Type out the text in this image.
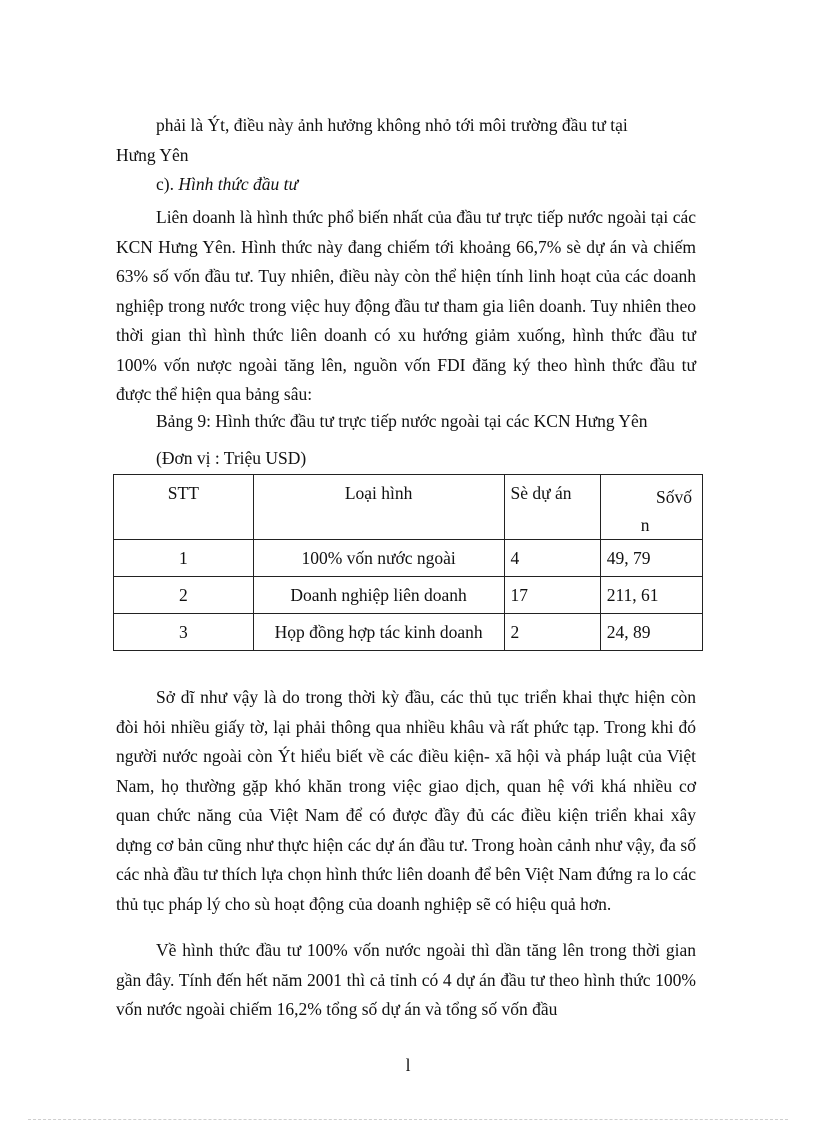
phải là Ýt, điều này ảnh hưởng không nhỏ tới môi trường đầu tư tại

Hưng Yên

c). Hình thức đầu tư

Liên doanh là hình thức phổ biến nhất của đầu tư trực tiếp nước ngoài tại các KCN Hưng Yên. Hình thức này đang chiếm tới khoảng 66,7% sè dự án và chiếm 63% số vốn đầu tư. Tuy nhiên, điều này còn thể hiện tính linh hoạt của các doanh nghiệp trong nước trong việc huy động đầu tư tham gia liên doanh. Tuy nhiên theo thời gian thì hình thức liên doanh có xu hướng giảm xuống, hình thức đầu tư 100% vốn nược ngoài tăng lên, nguồn vốn FDI đăng ký theo hình thức đầu tư được thể hiện qua bảng sâu:

Bảng 9: Hình thức đầu tư trực tiếp nước ngoài tại các KCN Hưng Yên
(Đơn vị : Triệu USD)
STT	Loại hình	Sè dự án	Sốvố
n

1	100% vốn nước ngoài	4	49, 79
2	Doanh nghiệp liên doanh	17	211, 61
3	Họp đồng hợp tác kinh doanh	2	24, 89

Sở dĩ như vậy là do trong thời kỳ đầu, các thủ tục triển khai thực hiện còn đòi hỏi nhiều giấy tờ, lại phải thông qua nhiều khâu và rất phức tạp. Trong khi đó người nước ngoài còn Ýt hiểu biết về các điều kiện- xã hội và pháp luật của Việt Nam, họ thường gặp khó khăn trong việc giao dịch, quan hệ với khá nhiều cơ quan chức năng của Việt Nam để có được đầy đủ các điều kiện triển khai xây dựng cơ bản cũng như thực hiện các dự án đầu tư. Trong hoàn cảnh như vậy, đa số các nhà đầu tư thích lựa chọn hình thức liên doanh để bên Việt Nam đứng ra lo các thủ tục pháp lý cho sù hoạt động của doanh nghiệp sẽ có hiệu quả hơn.

Về hình thức đầu tư 100% vốn nước ngoài thì dần tăng lên trong thời gian gần đây. Tính đến hết năm 2001 thì cả tỉnh có 4 dự án đầu tư theo hình thức 100% vốn nước ngoài chiếm 16,2% tổng số dự án và tổng số vốn đầu

l
